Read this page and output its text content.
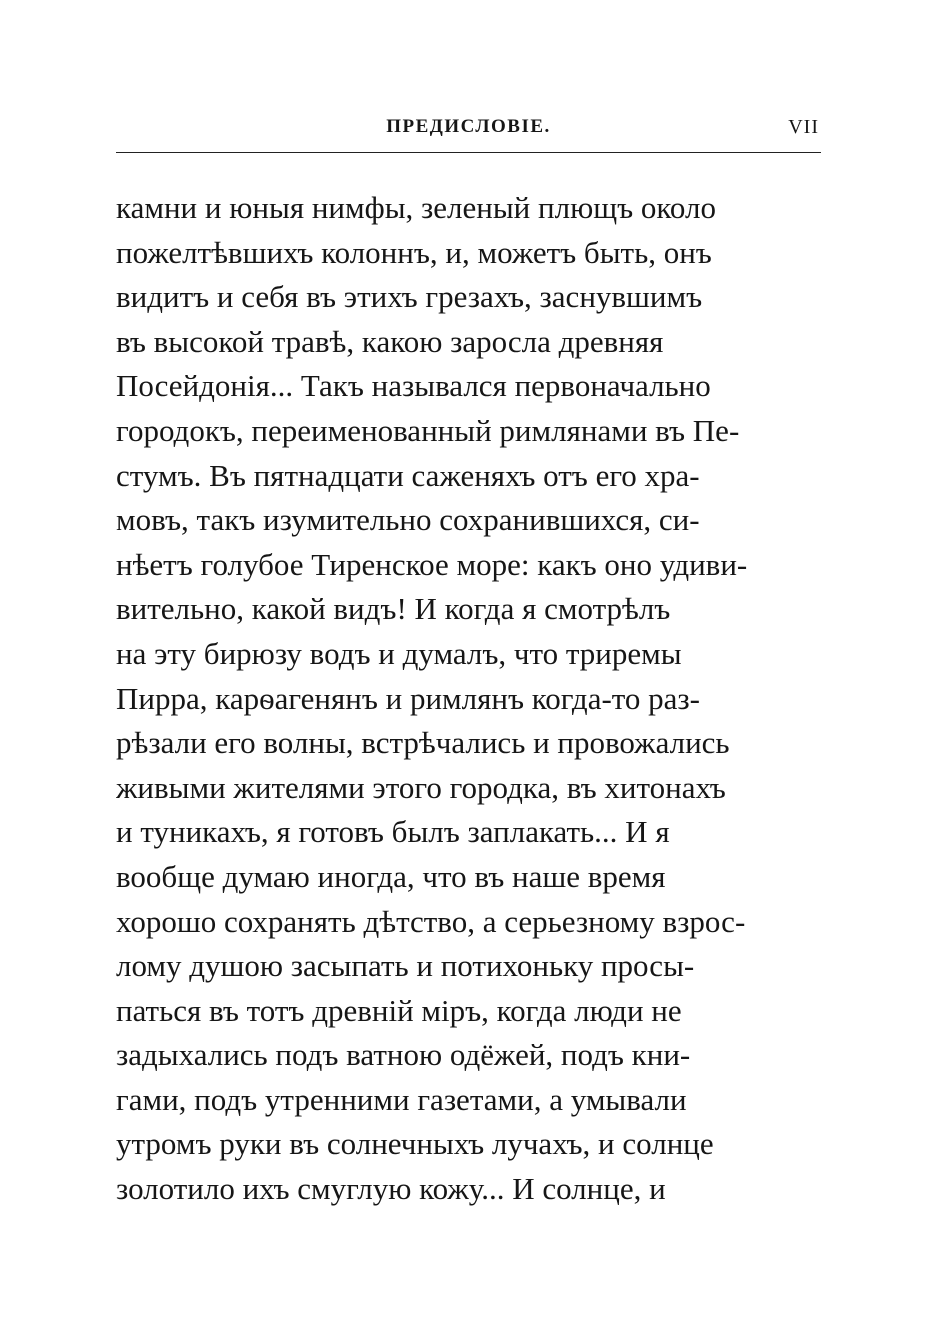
ПРЕДИСЛОВІЕ.	VII
камни и юныя нимфы, зеленый плющъ около
пожелтѣвшихъ колоннъ, и, можетъ быть, онъ
видитъ и себя въ этихъ грезахъ, заснувшимъ
въ высокой травѣ, какою заросла древняя
Посейдонія... Такъ назывался первоначально
городокъ, переименованный римлянами въ Пе-
стумъ. Въ пятнадцати саженяхъ отъ его хра-
мовъ, такъ изумительно сохранившихся, си-
нѣетъ голубое Тиренское море: какъ оно удиви-
вительно, какой видъ! И когда я смотрѣлъ
на эту бирюзу водъ и думалъ, что триремы
Пирра, карѳагенянъ и римлянъ когда-то раз-
рѣзали его волны, встрѣчались и провожались
живыми жителями этого городка, въ хитонахъ
и туникахъ, я готовъ былъ заплакать... И я
вообще думаю иногда, что въ наше время
хорошо сохранять дѣтство, а серьезному взрос-
лому душою засыпать и потихоньку просы-
паться въ тотъ древній міръ, когда люди не
задыхались подъ ватною одёжей, подъ кни-
гами, подъ утренними газетами, а умывали
утромъ руки въ солнечныхъ лучахъ, и солнце
золотило ихъ смуглую кожу... И солнце, и
